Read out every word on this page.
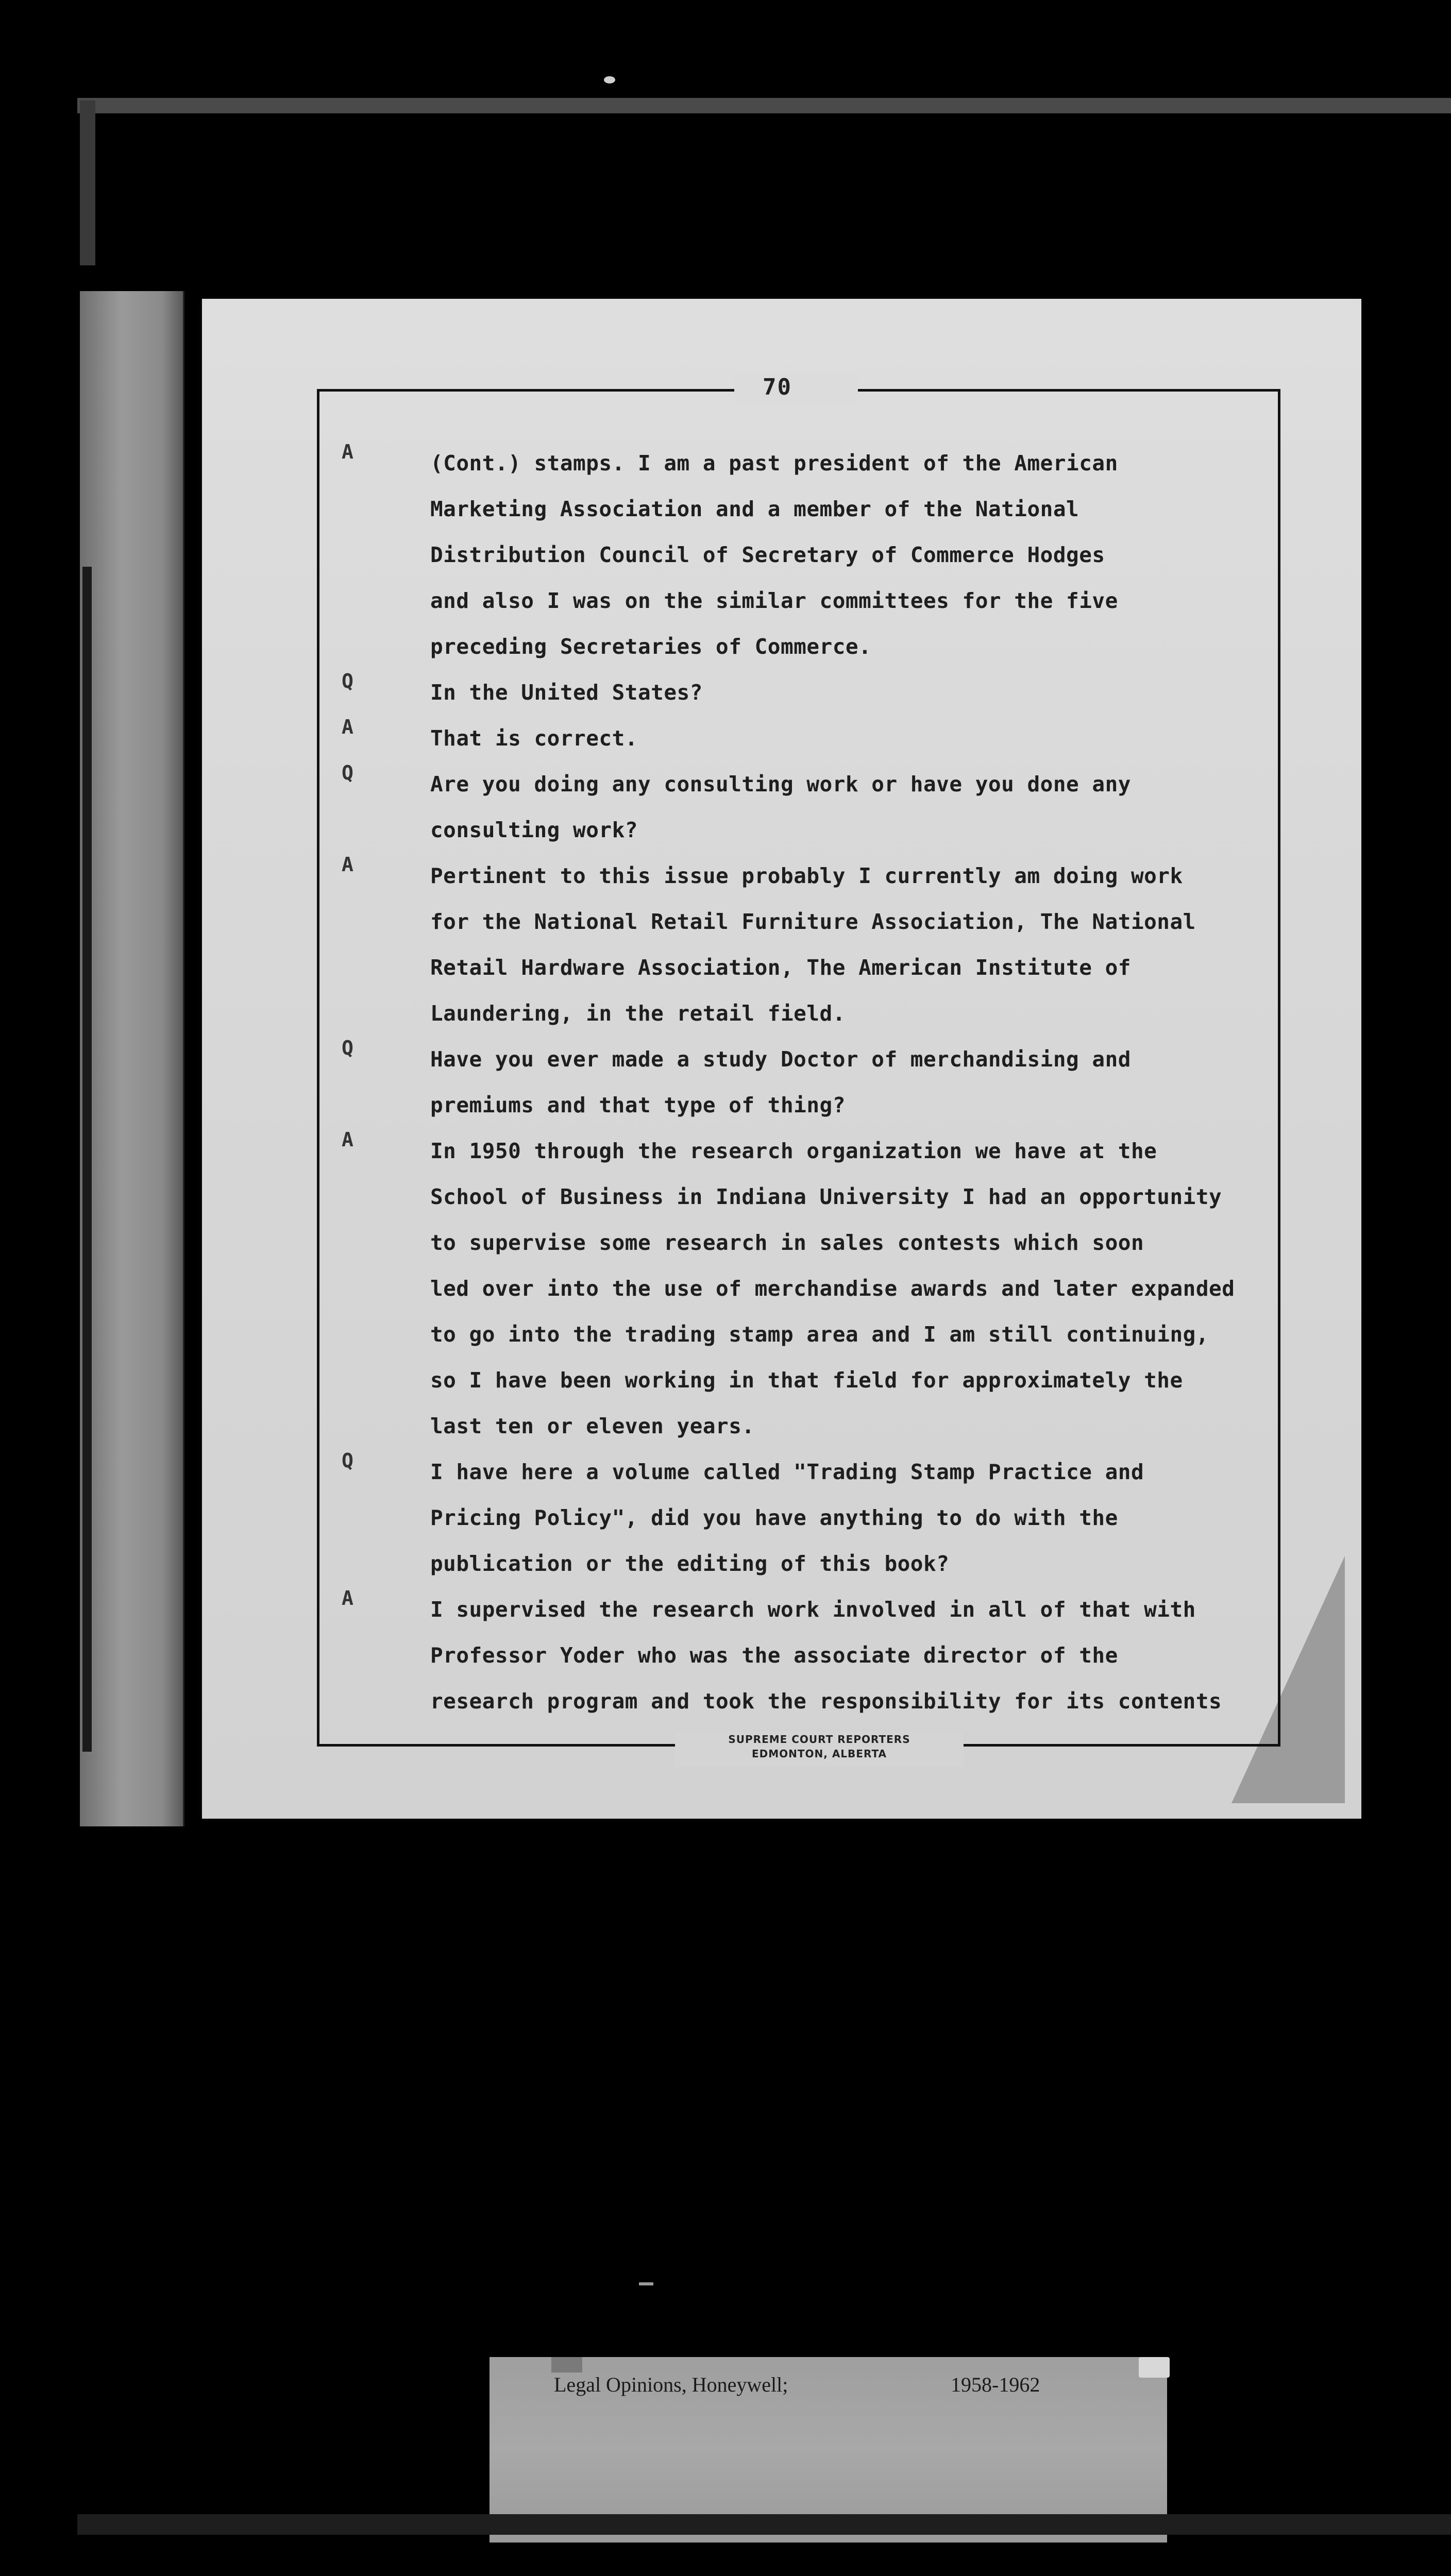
70
A	(Cont.) stamps. I am a past president of the American
Marketing Association and a member of the National
Distribution Council of Secretary of Commerce Hodges
and also I was on the similar committees for the five
preceding Secretaries of Commerce.
Q	In the United States?
A	That is correct.
Q	Are you doing any consulting work or have you done any
consulting work?
A	Pertinent to this issue probably I currently am doing work
for the National Retail Furniture Association, The National
Retail Hardware Association, The American Institute of
Laundering, in the retail field.
Q	Have you ever made a study Doctor of merchandising and
premiums and that type of thing?
A	In 1950 through the research organization we have at the
School of Business in Indiana University I had an opportunity
to supervise some research in sales contests which soon
led over into the use of merchandise awards and later expanded
to go into the trading stamp area and I am still continuing,
so I have been working in that field for approximately the
last ten or eleven years.
Q	I have here a volume called "Trading Stamp Practice and
Pricing Policy", did you have anything to do with the
publication or the editing of this book?
A	I supervised the research work involved in all of that with
Professor Yoder who was the associate director of the
research program and took the responsibility for its contents
SUPREME COURT REPORTERS
EDMONTON, ALBERTA
Legal Opinions, Honeywell;	1958-1962
